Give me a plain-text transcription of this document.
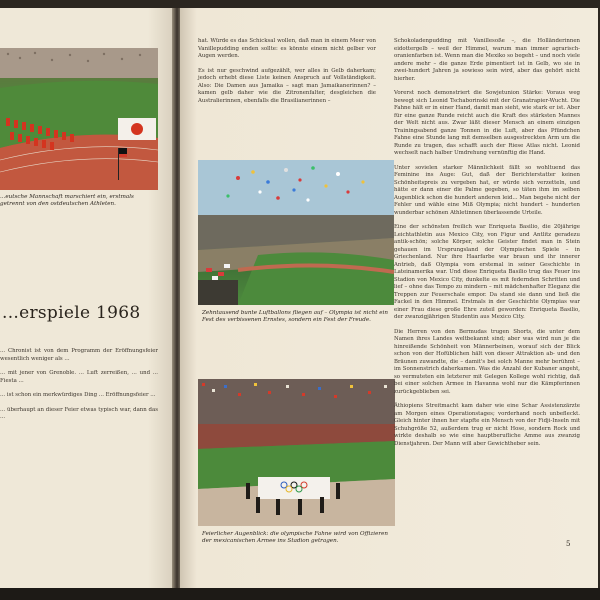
...eutsche Mannschaft marschiert ein, erstmals getrennt von den ostdeutschen Athleten.
...erspiele 1968

... Chronist ist von dem Programm der Eröffnungsfeier wesentlich weniger als ...

... mit jener von Grenoble. ... Luft zerreißen, ... und ... Fiesta ...

... ist schon ein merkwürdiges Ding ... Eröffnungsfeier ...

... überhaupt an dieser Feier etwas typisch war, dann das ...

hat. Würde es das Schicksal wollen, daß man in einem Meer von Vanillepudding enden sollte: es könnte einem nicht gelber vor Augen werden.

Es ist nur geschwind aufgezählt, wer alles in Gelb daherkam; jedoch erhebt diese Liste keinen Anspruch auf Vollständigkeit. Also: Die Damen aus Jamaika – sagt man Jamaikanerinnen? – kamen gelb daher wie die Zitronenfalter, desgleichen die Australierinnen, ebenfalls die Brasilianerinnen –

Zehntausend bunte Luftballons fliegen auf – Olympia ist nicht ein Fest des verbissenen Ernstes, sondern ein Fest der Freude.
Feierlicher Augenblick: die olympische Fahne wird von Offizieren der mexicanischen Armee ins Stadion getragen.

Schokoladenpudding mit Vanillesoße –, die Holländerinnen eidottergelb – weil der Himmel, warum man immer agrarisch-oranienfarben ist. Wenn man die Mexiko so begeht – und noch viele andere mehr – die ganze Erde pimentiert ist in Gelb, wo sie in zwei-hundert Jahren ja sowieso sein wird, aber das gehört nicht hierher.

Vorerst noch demonstriert die Sowjetunion Stärke: Voraus weg bewegt sich Leonid Tschaborinski mit der Granatrapier-Wucht. Die Fahne hält er in einer Hand, damit man sieht, wie stark er ist. Aber für eine ganze Runde reicht auch die Kraft des stärksten Mannes der Welt nicht aus. Zwar läßt dieser Mensch an einem einzigen Trainingsabend ganze Tonnen in die Luft, aber das Pfündchen Fahne eine Stunde lang mit demselben ausgestreckten Arm um die Runde zu tragen, das schafft auch der Riese Atlas nicht. Leonid wechselt nach halber Umdrehung vernünftig die Hand.

Unter sovielen starker Männlichkeit fällt so wohltuend das Feminine ins Auge: Gut, daß der Berichterstatter keinen Schönheitspreis zu vergeben hat, er würde sich verzetteln, und hätte er dann einer die Palme gegeben, so täten ihm im selben Augenblick schon die hundert anderen leid... Man begehe nicht der Fehler und wähle eine Miß Olympia; nicht hundert – hunderten wunderbar schönen Athletinnen überlassende Urteile.

Eine der schönsten freilich war Enriqueta Basilio, die 20jährige Leichtathletin aus Mexico City, von Figur und Antlitz geradezu antik-schön; solche Körper, solche Geister findet man in Stein gehauen im Ursprungsland der Olympischen Spiele – in Griechenland. Nur ihre Haarfarbe war braun und ihr innerer Antrieb, daß Olympia vom erstemal in seiner Geschichte in Lateinamerika war. Und diese Enriqueta Basilio trug das Feuer ins Stadion von Mexico City, dunkelte es mit federnden Schritten und lief – ohne das Tempo zu mindern – mit mädchenhafter Eleganz die Treppen zur Feuerschale empor. Da stand sie dann und ließ die Fackel in den Himmel. Erstmals in der Geschichte Olympias war einer Frau diese große Ehre zuteil geworden: Enriqueta Basilio, der zwanzigjährigen Studentin aus Mexico City.

Die Herren von den Bermudas trugen Shorts, die unter dem Namen ihres Landes weltbekannt sind; aber was wird nun je die hinreißende Schönheit von Männerbeinen, worauf sich der Blick schon von der Hofüblichen hält von dieser Attraktion ab- und den Bräunen zuwandte, die – damit's bei solch Manne mehr berühmt – im Sonnenstrich daherkamen. Was die Anzahl der Kubaner angeht, so vermuteten ein letzterer mit Gelegen Kollege wohl richtig, daß bei einer solchen Armee in Havanna wohl nur die Kämpferinnen zurückgeblieben sei.

Äthiopiens Streitmacht kam daher wie eine Schar Assistenzärzte am Morgen eines Operationstages; vorderhand noch unbefleckt. Gleich hinter ihnen her stapfte ein Mensch von der Fidji-Inseln mit Schuhgröße 52, außerdem trug er nicht Hose, sondern Rock und wirkte deshalb so wie eine hauptberufliche Amme aus zwanzig Dienstjahren. Der Mann will aber Gewichtheber sein.

5
